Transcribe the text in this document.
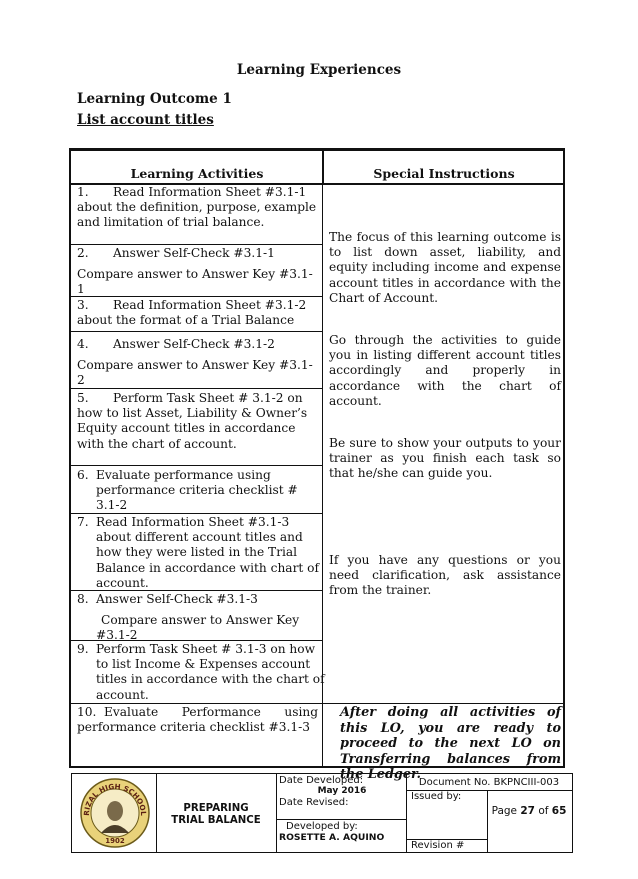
Learning Experiences
Learning Outcome 1
List account titles
Learning Activities	Special Instructions
1. Read Information Sheet #3.1-1 about the definition, purpose, example and limitation of trial balance.
2. Answer Self-Check #3.1-1
Compare answer to Answer Key #3.1-1
3. Read Information Sheet #3.1-2 about the format of a Trial Balance
4. Answer Self-Check #3.1-2
Compare answer to Answer Key #3.1-2
5. Perform Task Sheet # 3.1-2 on how to list Asset, Liability & Owner’s Equity account titles in accordance with the chart of account.
6. Evaluate performance using performance criteria checklist # 3.1-2
7. Read Information Sheet #3.1-3 about different account titles and how they were listed in the Trial Balance in accordance with chart of account.
8. Answer Self-Check #3.1-3
Compare answer to Answer Key #3.1-2
9. Perform Task Sheet # 3.1-3 on how to list Income & Expenses account titles in accordance with the chart of account.
10. Evaluate Performance using performance criteria checklist #3.1-3
The focus of this learning outcome is to list down asset, liability, and equity including income and expense account titles in accordance with the Chart of Account.
Go through the activities to guide you in listing different account titles accordingly and properly in accordance with the chart of account.
Be sure to show your outputs to your trainer as you finish each task so that he/she can guide you.
If you have any questions or you need clarification, ask assistance from the trainer.
After doing all activities of this LO, you are ready to proceed to the next LO on Transferring balances from the Ledger.
RIZAL HIGH SCHOOL
1902
PREPARING
TRIAL BALANCE
Date Developed:
May 2016
Date Revised:
Developed by:
ROSETTE A. AQUINO
Document No. BKPNCIII-003
Issued by:
Page 27 of 65
Revision #
